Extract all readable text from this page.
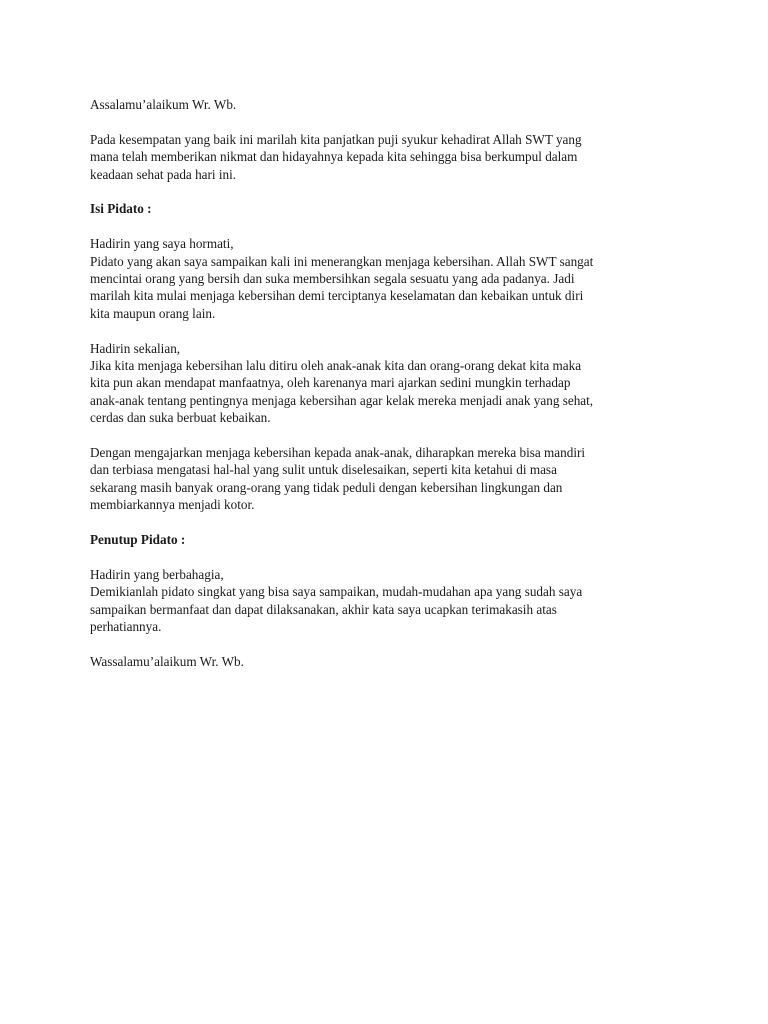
Assalamu’alaikum Wr. Wb.

Pada kesempatan yang baik ini marilah kita panjatkan puji syukur kehadirat Allah SWT yang
mana telah memberikan nikmat dan hidayahnya kepada kita sehingga bisa berkumpul dalam
keadaan sehat pada hari ini.

Isi Pidato :

Hadirin yang saya hormati,
Pidato yang akan saya sampaikan kali ini menerangkan menjaga kebersihan. Allah SWT sangat
mencintai orang yang bersih dan suka membersihkan segala sesuatu yang ada padanya. Jadi
marilah kita mulai menjaga kebersihan demi terciptanya keselamatan dan kebaikan untuk diri
kita maupun orang lain.

Hadirin sekalian,
Jika kita menjaga kebersihan lalu ditiru oleh anak-anak kita dan orang-orang dekat kita maka
kita pun akan mendapat manfaatnya, oleh karenanya mari ajarkan sedini mungkin terhadap
anak-anak tentang pentingnya menjaga kebersihan agar kelak mereka menjadi anak yang sehat,
cerdas dan suka berbuat kebaikan.

Dengan mengajarkan menjaga kebersihan kepada anak-anak, diharapkan mereka bisa mandiri
dan terbiasa mengatasi hal-hal yang sulit untuk diselesaikan, seperti kita ketahui di masa
sekarang masih banyak orang-orang yang tidak peduli dengan kebersihan lingkungan dan
membiarkannya menjadi kotor.

Penutup Pidato :

Hadirin yang berbahagia,
Demikianlah pidato singkat yang bisa saya sampaikan, mudah-mudahan apa yang sudah saya
sampaikan bermanfaat dan dapat dilaksanakan, akhir kata saya ucapkan terimakasih atas
perhatiannya.

Wassalamu’alaikum Wr. Wb.
